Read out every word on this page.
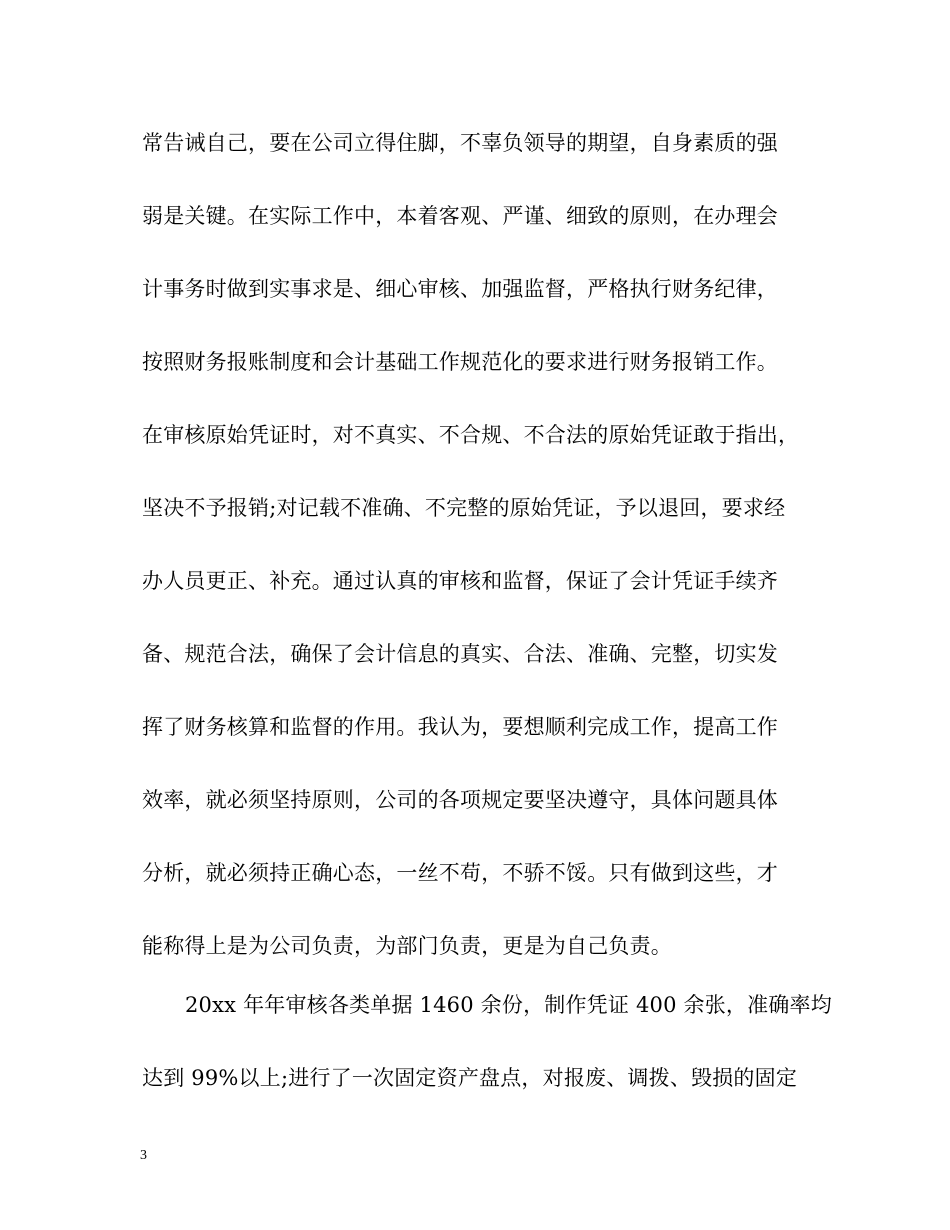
常告诫自己，要在公司立得住脚，不辜负领导的期望，自身素质的强
弱是关键。在实际工作中，本着客观、严谨、细致的原则，在办理会
计事务时做到实事求是、细心审核、加强监督，严格执行财务纪律，
按照财务报账制度和会计基础工作规范化的要求进行财务报销工作。
在审核原始凭证时，对不真实、不合规、不合法的原始凭证敢于指出，
坚决不予报销;对记载不准确、不完整的原始凭证，予以退回，要求经
办人员更正、补充。通过认真的审核和监督，保证了会计凭证手续齐
备、规范合法，确保了会计信息的真实、合法、准确、完整，切实发
挥了财务核算和监督的作用。我认为，要想顺利完成工作，提高工作
效率，就必须坚持原则，公司的各项规定要坚决遵守，具体问题具体
分析，就必须持正确心态，一丝不苟，不骄不馁。只有做到这些，才
能称得上是为公司负责，为部门负责，更是为自己负责。
20xx 年年审核各类单据 1460 余份，制作凭证 400 余张，准确率均
达到 99%以上;进行了一次固定资产盘点，对报废、调拨、毁损的固定
3
